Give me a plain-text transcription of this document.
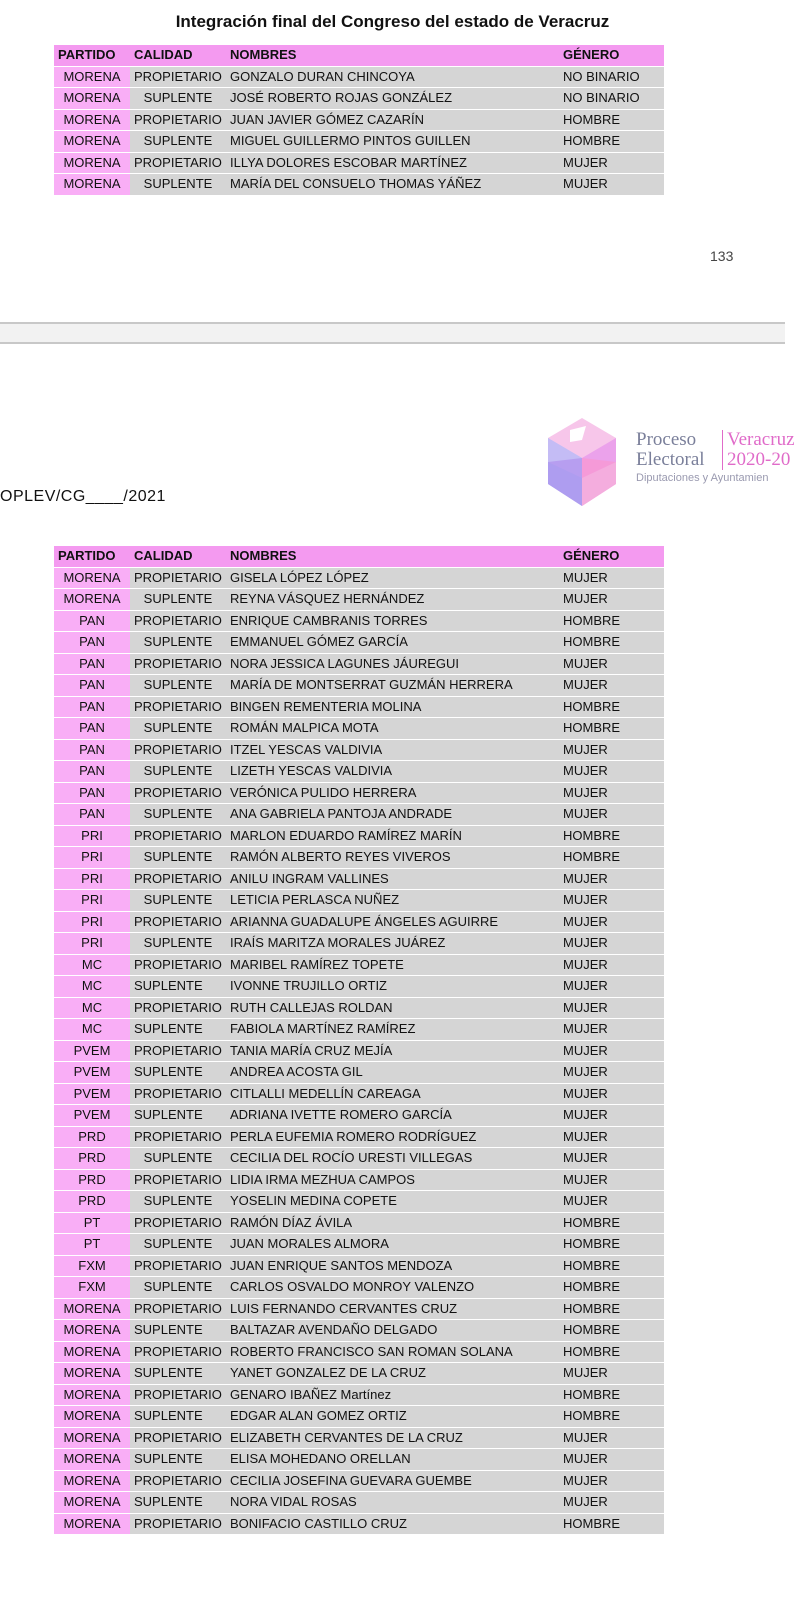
Integración final del Congreso del estado de Veracruz
PARTIDO	CALIDAD	NOMBRES	GÉNERO
MORENA	PROPIETARIO	GONZALO DURAN CHINCOYA	NO BINARIO
MORENA	SUPLENTE	JOSÉ ROBERTO ROJAS GONZÁLEZ	NO BINARIO
MORENA	PROPIETARIO	JUAN JAVIER GÓMEZ CAZARÍN	HOMBRE
MORENA	SUPLENTE	MIGUEL GUILLERMO PINTOS GUILLEN	HOMBRE
MORENA	PROPIETARIO	ILLYA DOLORES ESCOBAR MARTÍNEZ	MUJER
MORENA	SUPLENTE	MARÍA DEL CONSUELO THOMAS YÁÑEZ	MUJER
133
Proceso
Electoral
Diputaciones y Ayuntamien
Veracruz
2020-20
OPLEV/CG____/2021
PARTIDO	CALIDAD	NOMBRES	GÉNERO
MORENA	PROPIETARIO	GISELA LÓPEZ LÓPEZ	MUJER
MORENA	SUPLENTE	REYNA VÁSQUEZ HERNÁNDEZ	MUJER
PAN	PROPIETARIO	ENRIQUE CAMBRANIS TORRES	HOMBRE
PAN	SUPLENTE	EMMANUEL GÓMEZ GARCÍA	HOMBRE
PAN	PROPIETARIO	NORA JESSICA LAGUNES JÁUREGUI	MUJER
PAN	SUPLENTE	MARÍA DE MONTSERRAT GUZMÁN HERRERA	MUJER
PAN	PROPIETARIO	BINGEN REMENTERIA MOLINA	HOMBRE
PAN	SUPLENTE	ROMÁN MALPICA MOTA	HOMBRE
PAN	PROPIETARIO	ITZEL YESCAS VALDIVIA	MUJER
PAN	SUPLENTE	LIZETH YESCAS VALDIVIA	MUJER
PAN	PROPIETARIO	VERÓNICA PULIDO HERRERA	MUJER
PAN	SUPLENTE	ANA GABRIELA PANTOJA ANDRADE	MUJER
PRI	PROPIETARIO	MARLON EDUARDO RAMÍREZ MARÍN	HOMBRE
PRI	SUPLENTE	RAMÓN ALBERTO REYES VIVEROS	HOMBRE
PRI	PROPIETARIO	ANILU INGRAM VALLINES	MUJER
PRI	SUPLENTE	LETICIA PERLASCA NUÑEZ	MUJER
PRI	PROPIETARIO	ARIANNA GUADALUPE ÁNGELES AGUIRRE	MUJER
PRI	SUPLENTE	IRAÍS MARITZA MORALES JUÁREZ	MUJER
MC	PROPIETARIO	MARIBEL RAMÍREZ TOPETE	MUJER
MC	SUPLENTE	IVONNE TRUJILLO ORTIZ	MUJER
MC	PROPIETARIO	RUTH CALLEJAS ROLDAN	MUJER
MC	SUPLENTE	FABIOLA MARTÍNEZ RAMÍREZ	MUJER
PVEM	PROPIETARIO	TANIA MARÍA CRUZ MEJÍA	MUJER
PVEM	SUPLENTE	ANDREA ACOSTA GIL	MUJER
PVEM	PROPIETARIO	CITLALLI MEDELLÍN CAREAGA	MUJER
PVEM	SUPLENTE	ADRIANA IVETTE ROMERO GARCÍA	MUJER
PRD	PROPIETARIO	PERLA EUFEMIA ROMERO RODRÍGUEZ	MUJER
PRD	SUPLENTE	CECILIA DEL ROCÍO URESTI VILLEGAS	MUJER
PRD	PROPIETARIO	LIDIA IRMA MEZHUA CAMPOS	MUJER
PRD	SUPLENTE	YOSELIN MEDINA COPETE	MUJER
PT	PROPIETARIO	RAMÓN DÍAZ ÁVILA	HOMBRE
PT	SUPLENTE	JUAN MORALES ALMORA	HOMBRE
FXM	PROPIETARIO	JUAN ENRIQUE SANTOS MENDOZA	HOMBRE
FXM	SUPLENTE	CARLOS OSVALDO MONROY VALENZO	HOMBRE
MORENA	PROPIETARIO	LUIS FERNANDO CERVANTES CRUZ	HOMBRE
MORENA	SUPLENTE	BALTAZAR AVENDAÑO DELGADO	HOMBRE
MORENA	PROPIETARIO	ROBERTO FRANCISCO SAN ROMAN SOLANA	HOMBRE
MORENA	SUPLENTE	YANET GONZALEZ DE LA CRUZ	MUJER
MORENA	PROPIETARIO	GENARO IBAÑEZ Martínez	HOMBRE
MORENA	SUPLENTE	EDGAR ALAN GOMEZ ORTIZ	HOMBRE
MORENA	PROPIETARIO	ELIZABETH CERVANTES DE LA CRUZ	MUJER
MORENA	SUPLENTE	ELISA MOHEDANO ORELLAN	MUJER
MORENA	PROPIETARIO	CECILIA JOSEFINA GUEVARA GUEMBE	MUJER
MORENA	SUPLENTE	NORA VIDAL ROSAS	MUJER
MORENA	PROPIETARIO	BONIFACIO CASTILLO CRUZ	HOMBRE
